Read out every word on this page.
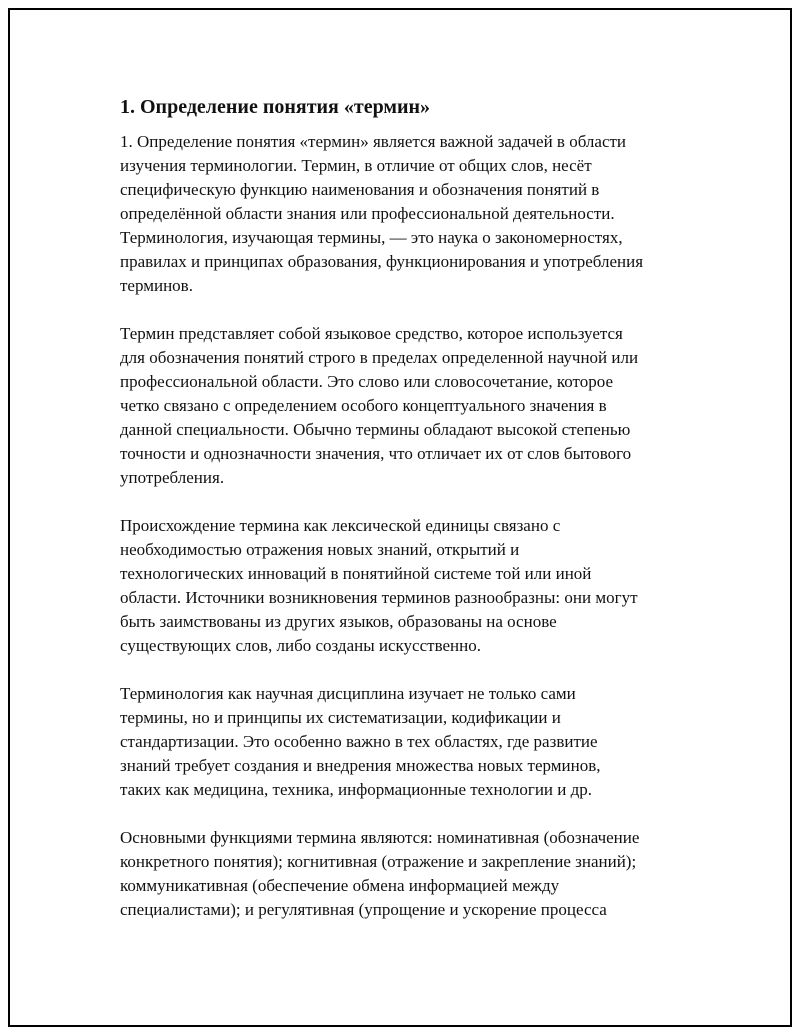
1. Определение понятия «термин»

1. Определение понятия «термин» является важной задачей в области
изучения терминологии. Термин, в отличие от общих слов, несёт
специфическую функцию наименования и обозначения понятий в
определённой области знания или профессиональной деятельности.
Терминология, изучающая термины, — это наука о закономерностях,
правилах и принципах образования, функционирования и употребления
терминов.

Термин представляет собой языковое средство, которое используется
для обозначения понятий строго в пределах определенной научной или
профессиональной области. Это слово или словосочетание, которое
четко связано с определением особого концептуального значения в
данной специальности. Обычно термины обладают высокой степенью
точности и однозначности значения, что отличает их от слов бытового
употребления.

Происхождение термина как лексической единицы связано с
необходимостью отражения новых знаний, открытий и
технологических инноваций в понятийной системе той или иной
области. Источники возникновения терминов разнообразны: они могут
быть заимствованы из других языков, образованы на основе
существующих слов, либо созданы искусственно.

Терминология как научная дисциплина изучает не только сами
термины, но и принципы их систематизации, кодификации и
стандартизации. Это особенно важно в тех областях, где развитие
знаний требует создания и внедрения множества новых терминов,
таких как медицина, техника, информационные технологии и др.

Основными функциями термина являются: номинативная (обозначение
конкретного понятия); когнитивная (отражение и закрепление знаний);
коммуникативная (обеспечение обмена информацией между
специалистами); и регулятивная (упрощение и ускорение процесса
